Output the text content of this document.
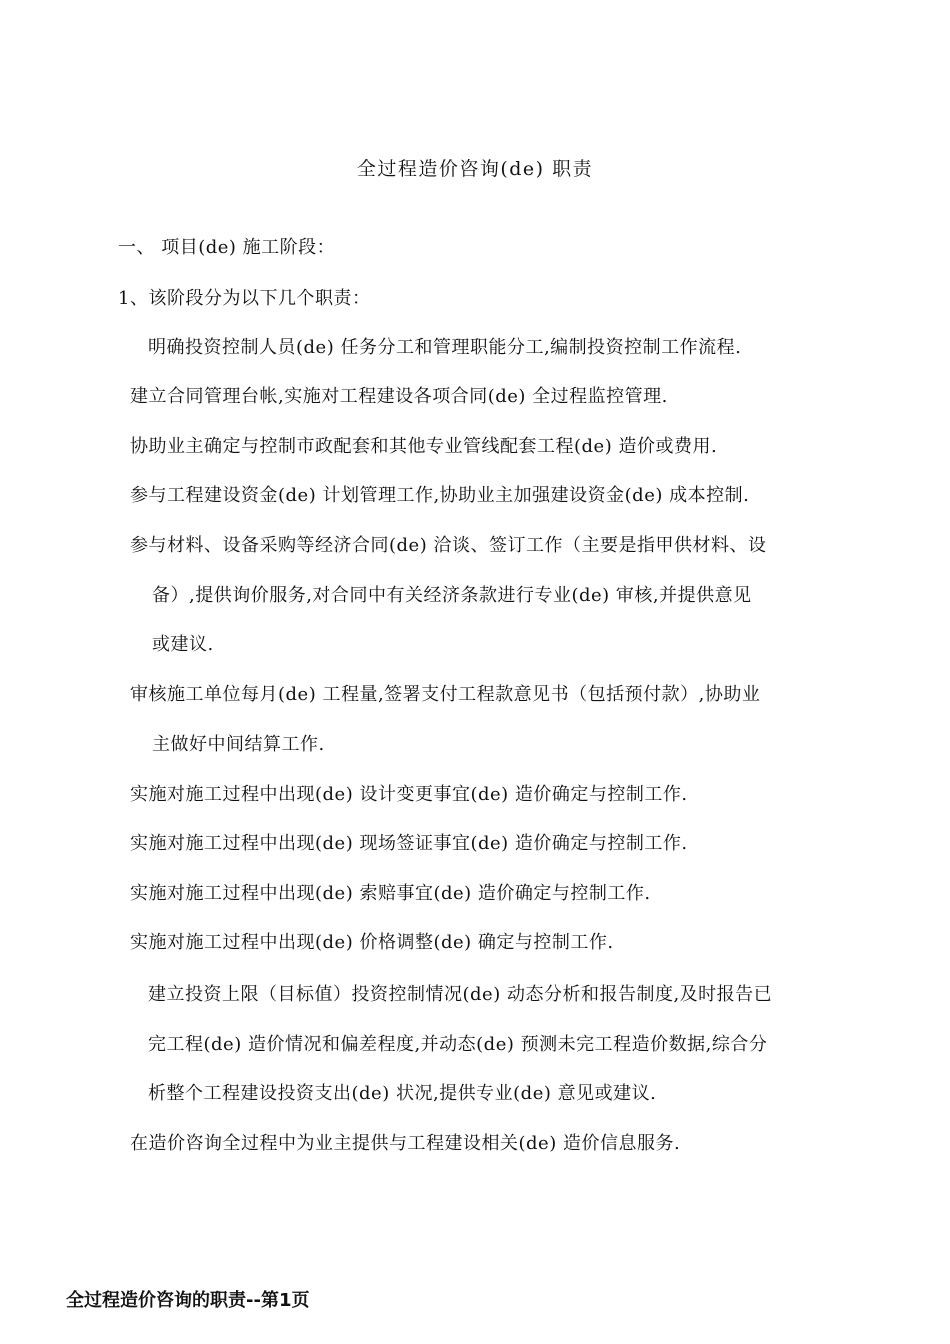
全过程造价咨询(de) 职责
一、 项目(de) 施工阶段：
1、该阶段分为以下几个职责：
明确投资控制人员(de) 任务分工和管理职能分工,编制投资控制工作流程.
建立合同管理台帐,实施对工程建设各项合同(de) 全过程监控管理.
协助业主确定与控制市政配套和其他专业管线配套工程(de) 造价或费用.
参与工程建设资金(de) 计划管理工作,协助业主加强建设资金(de) 成本控制.
参与材料、设备采购等经济合同(de) 洽谈、签订工作（主要是指甲供材料、设
备）,提供询价服务,对合同中有关经济条款进行专业(de) 审核,并提供意见
或建议.
审核施工单位每月(de) 工程量,签署支付工程款意见书（包括预付款）,协助业
主做好中间结算工作.
实施对施工过程中出现(de) 设计变更事宜(de) 造价确定与控制工作.
实施对施工过程中出现(de) 现场签证事宜(de) 造价确定与控制工作.
实施对施工过程中出现(de) 索赔事宜(de) 造价确定与控制工作.
实施对施工过程中出现(de) 价格调整(de) 确定与控制工作.
建立投资上限（目标值）投资控制情况(de) 动态分析和报告制度,及时报告已
完工程(de) 造价情况和偏差程度,并动态(de) 预测未完工程造价数据,综合分
析整个工程建设投资支出(de) 状况,提供专业(de) 意见或建议.
在造价咨询全过程中为业主提供与工程建设相关(de) 造价信息服务.
全过程造价咨询的职责--第1页
